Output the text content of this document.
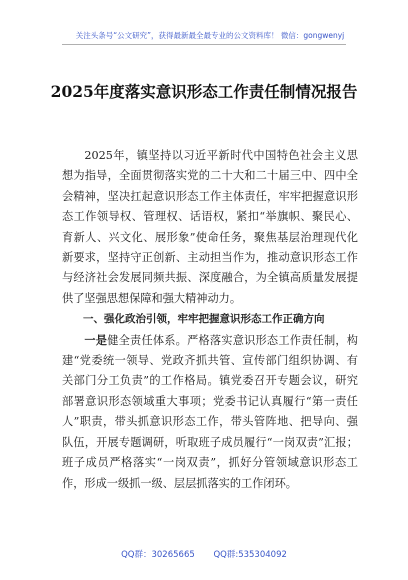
关注头条号“公文研究”，获得最新最全最专业的公文资料库！ 微信：gongwenyj
2025年度落实意识形态工作责任制情况报告

2025年，镇坚持以习近平新时代中国特色社会主义思想为指导，全面贯彻落实党的二十大和二十届三中、四中全会精神，坚决扛起意识形态工作主体责任，牢牢把握意识形态工作领导权、管理权、话语权，紧扣“举旗帜、聚民心、育新人、兴文化、展形象”使命任务，聚焦基层治理现代化新要求，坚持守正创新、主动担当作为，推动意识形态工作与经济社会发展同频共振、深度融合，为全镇高质量发展提供了坚强思想保障和强大精神动力。

一、强化政治引领，牢牢把握意识形态工作正确方向

一是健全责任体系。严格落实意识形态工作责任制，构建“党委统一领导、党政齐抓共管、宣传部门组织协调、有关部门分工负责”的工作格局。镇党委召开专题会议，研究部署意识形态领域重大事项；党委书记认真履行“第一责任人”职责，带头抓意识形态工作，带头管阵地、把导向、强队伍，开展专题调研，听取班子成员履行“一岗双责”汇报；班子成员严格落实“一岗双责”，抓好分管领域意识形态工作，形成一级抓一级、层层抓落实的工作闭环。

QQ群：30265665 QQ群:535304092
